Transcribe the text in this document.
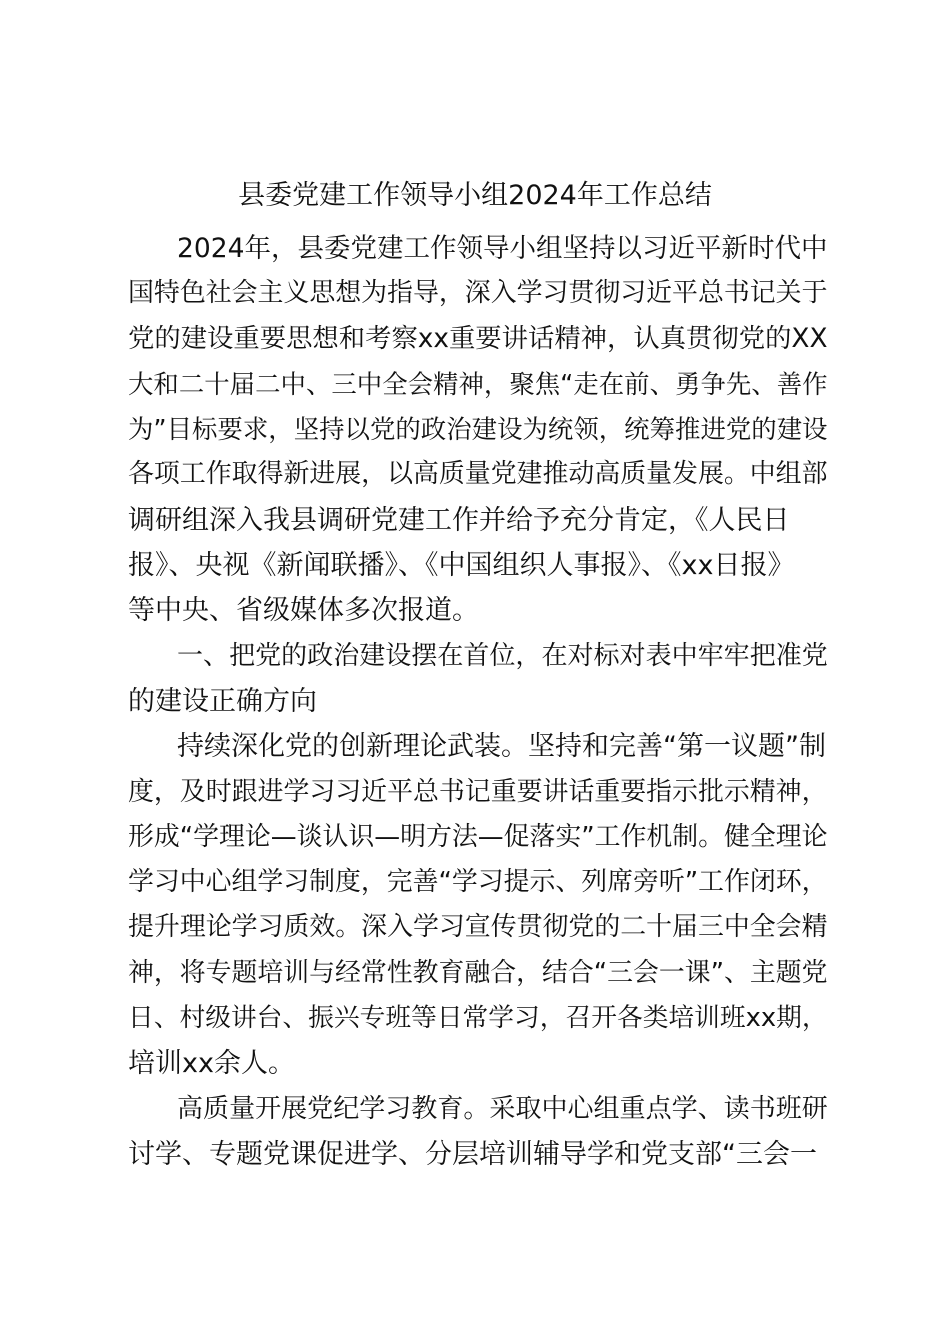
县委党建工作领导小组2024年工作总结
2024年，县委党建工作领导小组坚持以习近平新时代中
国特色社会主义思想为指导，深入学习贯彻习近平总书记关于
党的建设重要思想和考察xx重要讲话精神，认真贯彻党的XX
大和二十届二中、三中全会精神，聚焦“走在前、勇争先、善作
为”目标要求，坚持以党的政治建设为统领，统筹推进党的建设
各项工作取得新进展，以高质量党建推动高质量发展。中组部
调研组深入我县调研党建工作并给予充分肯定，《人民日
报》、央视《新闻联播》、《中国组织人事报》、《xx日报》
等中央、省级媒体多次报道。
一、把党的政治建设摆在首位，在对标对表中牢牢把准党
的建设正确方向
持续深化党的创新理论武装。坚持和完善“第一议题”制
度，及时跟进学习习近平总书记重要讲话重要指示批示精神，
形成“学理论—谈认识—明方法—促落实”工作机制。健全理论
学习中心组学习制度，完善“学习提示、列席旁听”工作闭环，
提升理论学习质效。深入学习宣传贯彻党的二十届三中全会精
神，将专题培训与经常性教育融合，结合“三会一课”、主题党
日、村级讲台、振兴专班等日常学习，召开各类培训班xx期，
培训xx余人。
高质量开展党纪学习教育。采取中心组重点学、读书班研
讨学、专题党课促进学、分层培训辅导学和党支部“三会一
